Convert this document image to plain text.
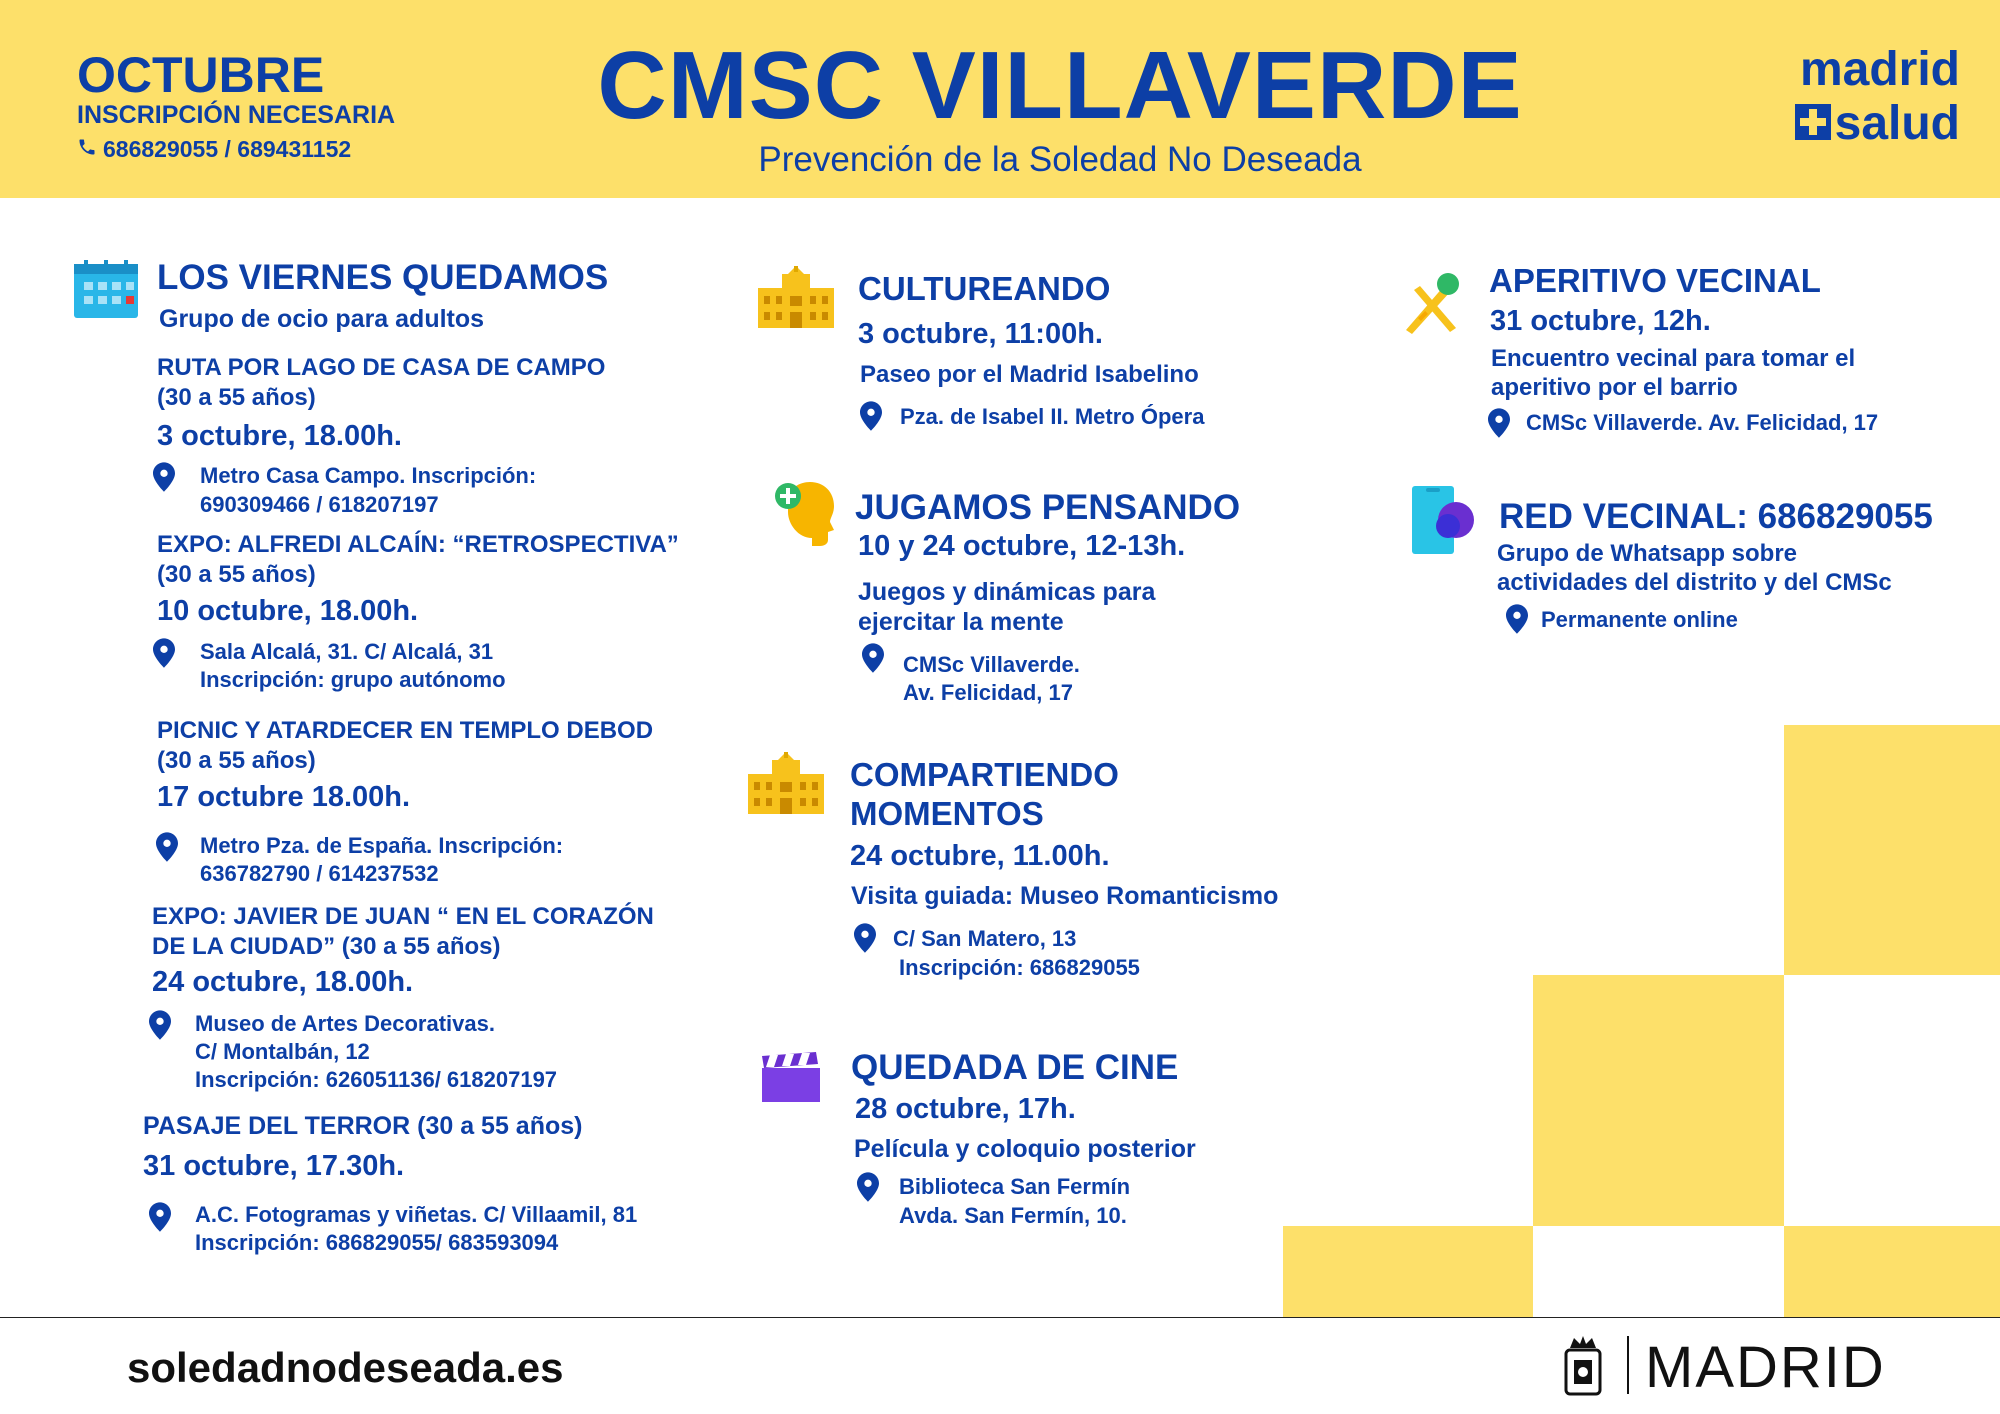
OCTUBRE
INSCRIPCIÓN NECESARIA
686829055 / 689431152
CMSC VILLAVERDE
Prevención de la Soledad No Deseada
madrid
salud
LOS VIERNES QUEDAMOS
Grupo de ocio para adultos
RUTA POR LAGO DE CASA DE CAMPO
(30 a 55 años)
3 octubre, 18.00h.
Metro Casa Campo. Inscripción:
690309466 / 618207197
EXPO: ALFREDI ALCAÍN: “RETROSPECTIVA”
(30 a 55 años)
10 octubre, 18.00h.
Sala Alcalá, 31. C/ Alcalá, 31
Inscripción: grupo autónomo
PICNIC Y ATARDECER EN TEMPLO DEBOD
(30 a 55 años)
17 octubre 18.00h.
Metro Pza. de España. Inscripción:
636782790 / 614237532
EXPO: JAVIER DE JUAN “ EN EL CORAZÓN
DE LA CIUDAD” (30 a 55 años)
24 octubre, 18.00h.
Museo de Artes Decorativas.
C/ Montalbán, 12
Inscripción: 626051136/ 618207197
PASAJE DEL TERROR (30 a 55 años)
31 octubre, 17.30h.
A.C. Fotogramas y viñetas. C/ Villaamil, 81
Inscripción: 686829055/ 683593094
CULTUREANDO
3 octubre, 11:00h.
Paseo por el Madrid Isabelino
Pza. de Isabel II. Metro Ópera
JUGAMOS PENSANDO
10 y 24 octubre, 12-13h.
Juegos y dinámicas para
ejercitar la mente
CMSc Villaverde.
Av. Felicidad, 17
COMPARTIENDO
MOMENTOS
24 octubre, 11.00h.
Visita guiada: Museo Romanticismo
C/ San Matero, 13
Inscripción: 686829055
QUEDADA DE CINE
28 octubre, 17h.
Película y coloquio posterior
Biblioteca San Fermín
Avda. San Fermín, 10.
APERITIVO VECINAL
31 octubre, 12h.
Encuentro vecinal para tomar el
aperitivo por el barrio
CMSc Villaverde. Av. Felicidad, 17
RED VECINAL: 686829055
Grupo de Whatsapp sobre
actividades del distrito y del CMSc
Permanente online
soledadnodeseada.es	MADRID
